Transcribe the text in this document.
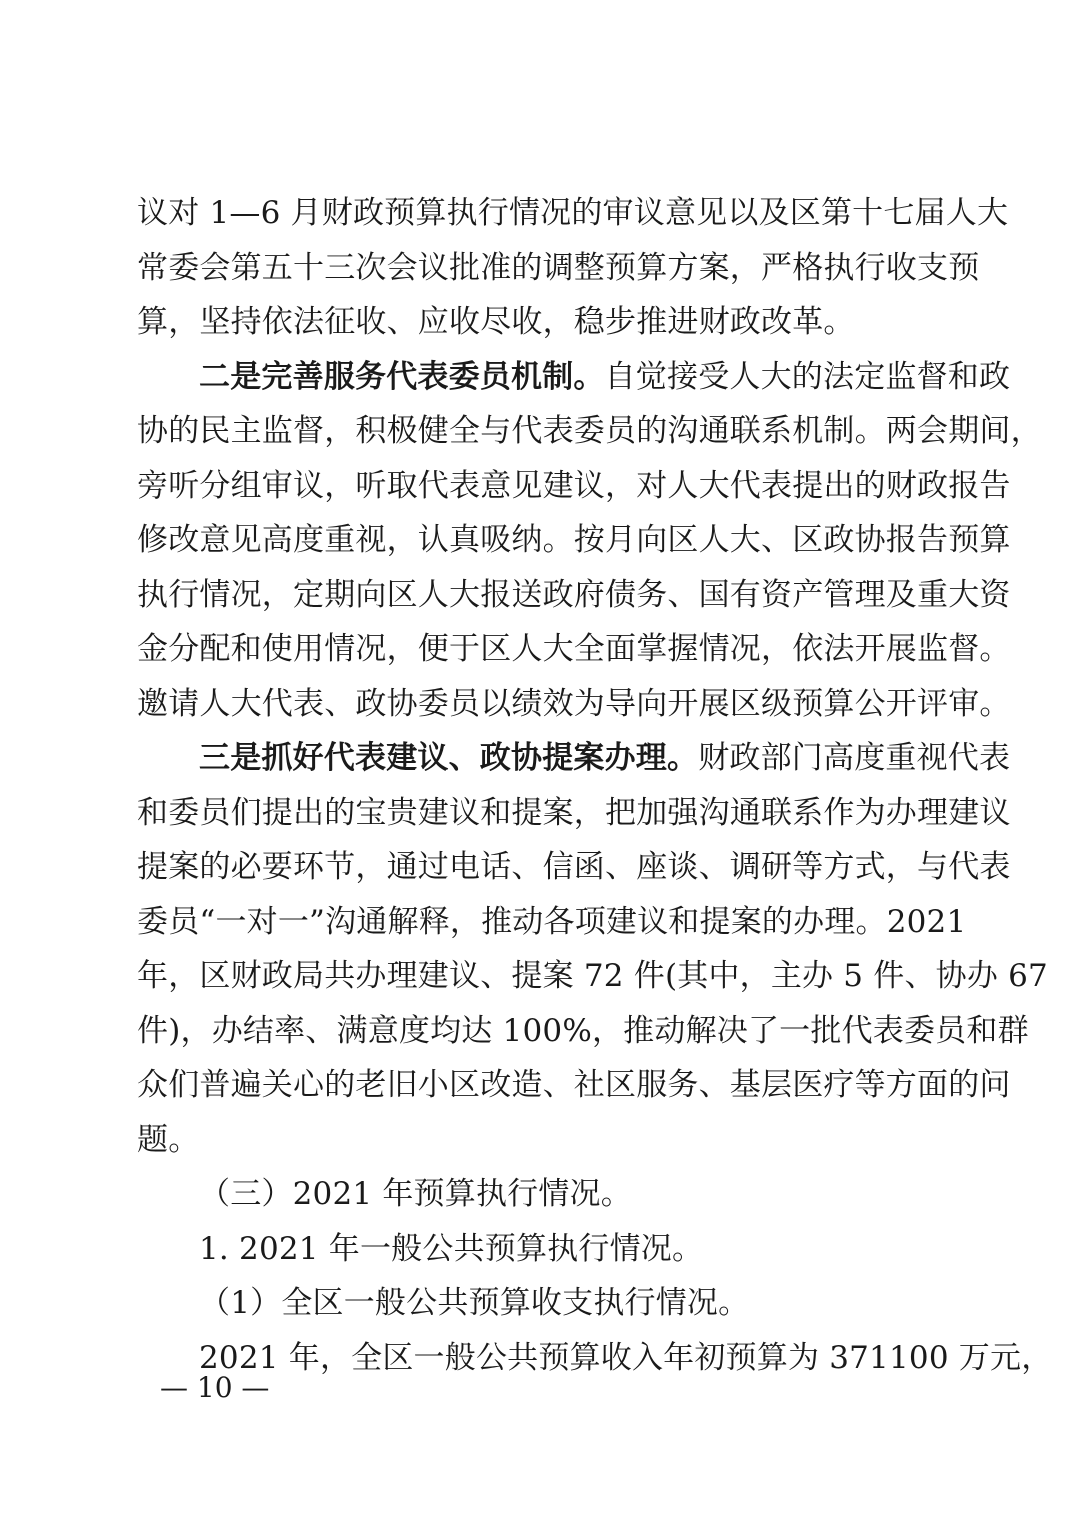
议对 1—6 月财政预算执行情况的审议意见以及区第十七届人大
常委会第五十三次会议批准的调整预算方案，严格执行收支预
算，坚持依法征收、应收尽收，稳步推进财政改革。
二是完善服务代表委员机制。自觉接受人大的法定监督和政
协的民主监督，积极健全与代表委员的沟通联系机制。两会期间，
旁听分组审议，听取代表意见建议，对人大代表提出的财政报告
修改意见高度重视，认真吸纳。按月向区人大、区政协报告预算
执行情况，定期向区人大报送政府债务、国有资产管理及重大资
金分配和使用情况，便于区人大全面掌握情况，依法开展监督。
邀请人大代表、政协委员以绩效为导向开展区级预算公开评审。
三是抓好代表建议、政协提案办理。财政部门高度重视代表
和委员们提出的宝贵建议和提案，把加强沟通联系作为办理建议
提案的必要环节，通过电话、信函、座谈、调研等方式，与代表
委员“一对一”沟通解释，推动各项建议和提案的办理。2021
年，区财政局共办理建议、提案 72 件(其中，主办 5 件、协办 67
件)，办结率、满意度均达 100%，推动解决了一批代表委员和群
众们普遍关心的老旧小区改造、社区服务、基层医疗等方面的问
题。
（三）2021 年预算执行情况。
1. 2021 年一般公共预算执行情况。
（1）全区一般公共预算收支执行情况。
2021 年，全区一般公共预算收入年初预算为 371100 万元，
— 10 —
